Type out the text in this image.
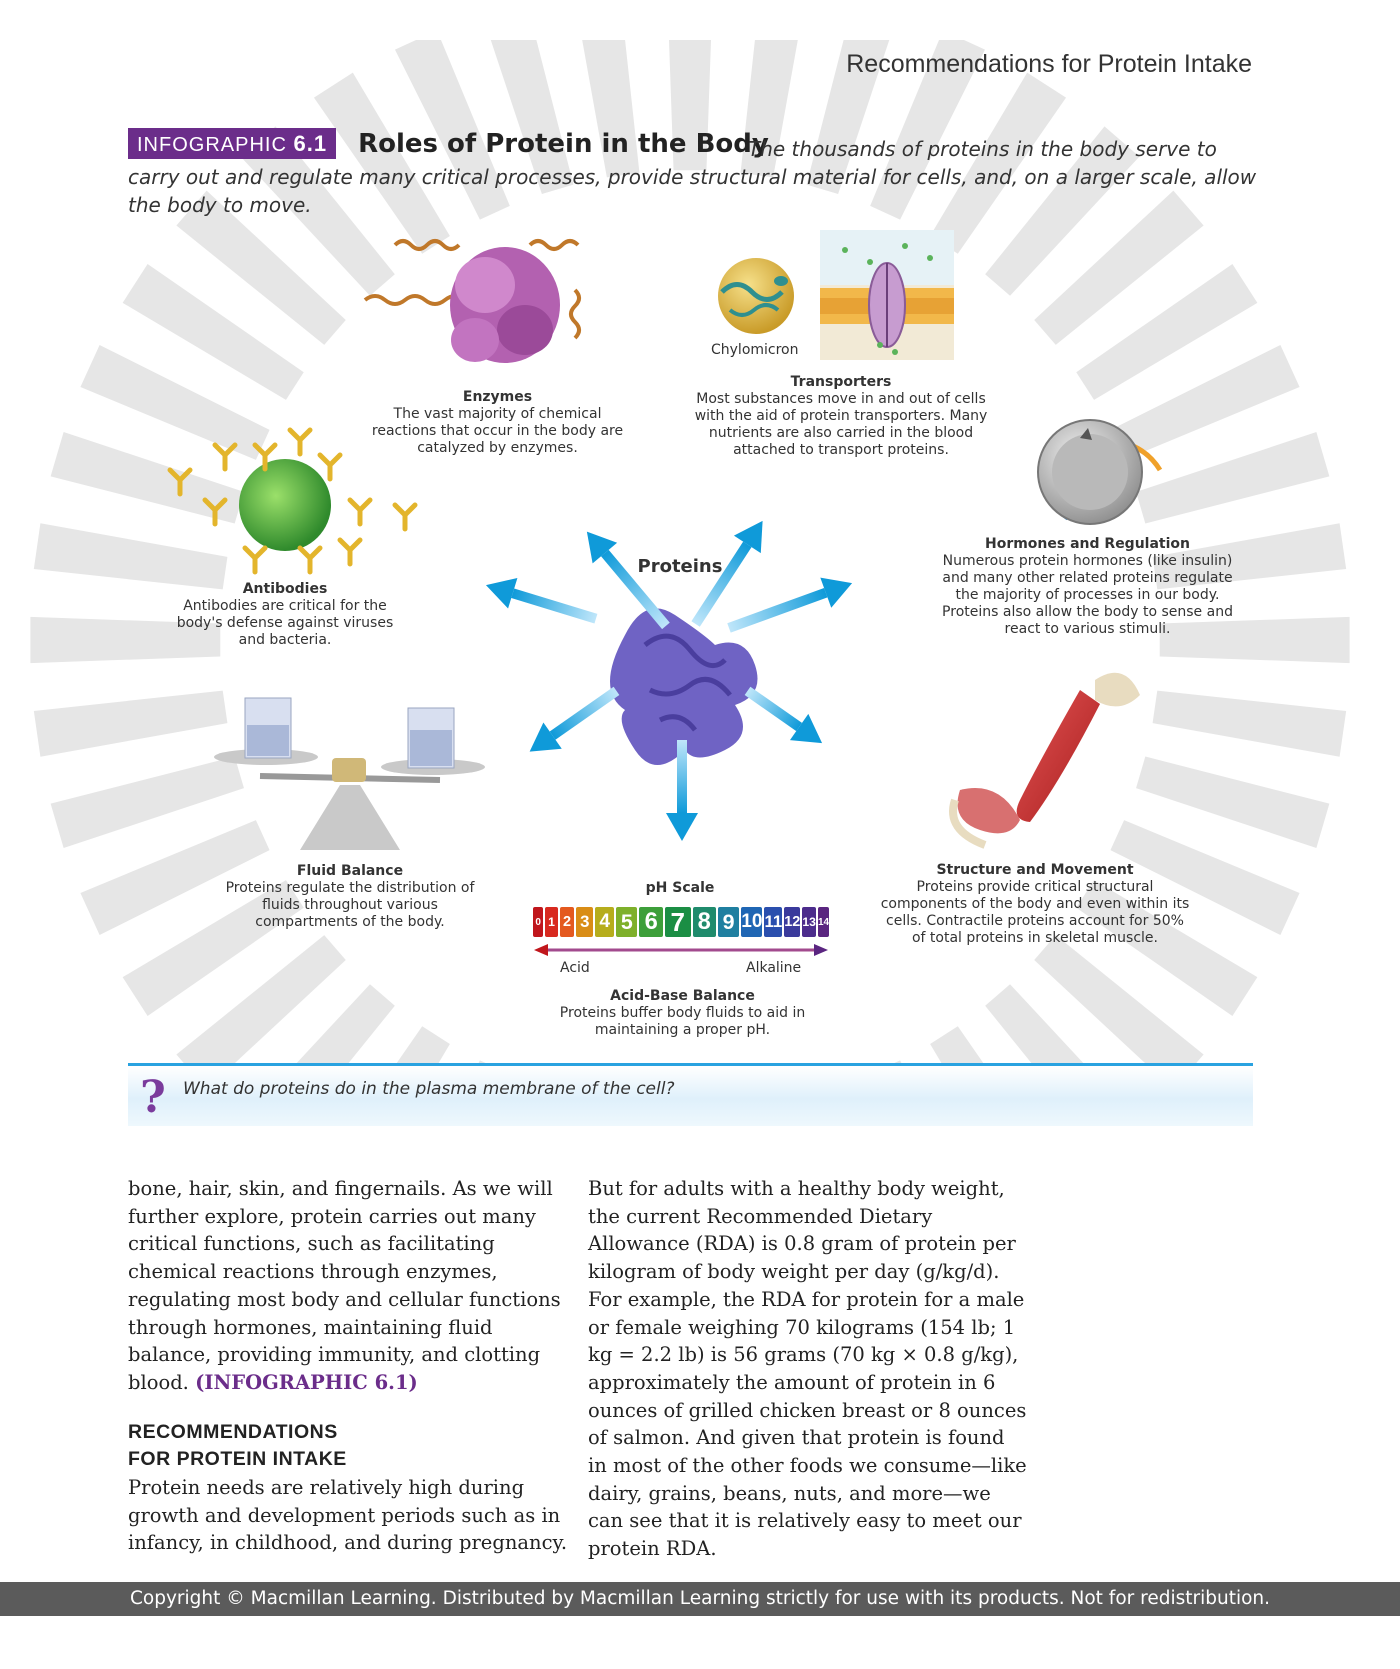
Recommendations for Protein Intake
INFOGRAPHIC 6.1 Roles of Protein in the Body
The thousands of proteins in the body serve to carry out and regulate many critical processes, provide structural material for cells, and, on a larger scale, allow the body to move.
Enzymes
The vast majority of chemical reactions that occur in the body are catalyzed by enzymes.
Chylomicron
Transporters
Most substances move in and out of cells with the aid of protein transporters. Many nutrients are also carried in the blood attached to transport proteins.
Hormones and Regulation
Numerous protein hormones (like insulin) and many other related proteins regulate the majority of processes in our body. Proteins also allow the body to sense and react to various stimuli.
Antibodies
Antibodies are critical for the body's defense against viruses and bacteria.
Proteins
Fluid Balance
Proteins regulate the distribution of fluids throughout various compartments of the body.
Structure and Movement
Proteins provide critical structural components of the body and even within its cells. Contractile proteins account for 50% of total proteins in skeletal muscle.
pH Scale
0 1 2 3 4 5 6 7 8 9 10 11 12 13 14
Acid	Alkaline
Acid-Base Balance
Proteins buffer body fluids to aid in maintaining a proper pH.
? What do proteins do in the plasma membrane of the cell?
bone, hair, skin, and fingernails. As we will further explore, protein carries out many critical functions, such as facilitating chemical reactions through enzymes, regulating most body and cellular functions through hormones, maintaining fluid balance, providing immunity, and clotting blood. (INFOGRAPHIC 6.1)
RECOMMENDATIONS
FOR PROTEIN INTAKE
Protein needs are relatively high during growth and development periods such as in infancy, in childhood, and during pregnancy.
But for adults with a healthy body weight, the current Recommended Dietary Allowance (RDA) is 0.8 gram of protein per kilogram of body weight per day (g/kg/d). For example, the RDA for protein for a male or female weighing 70 kilograms (154 lb; 1 kg = 2.2 lb) is 56 grams (70 kg × 0.8 g/kg), approximately the amount of protein in 6 ounces of grilled chicken breast or 8 ounces of salmon. And given that protein is found in most of the other foods we consume—like dairy, grains, beans, nuts, and more—we can see that it is relatively easy to meet our protein RDA.
Copyright © Macmillan Learning. Distributed by Macmillan Learning strictly for use with its products. Not for redistribution.
